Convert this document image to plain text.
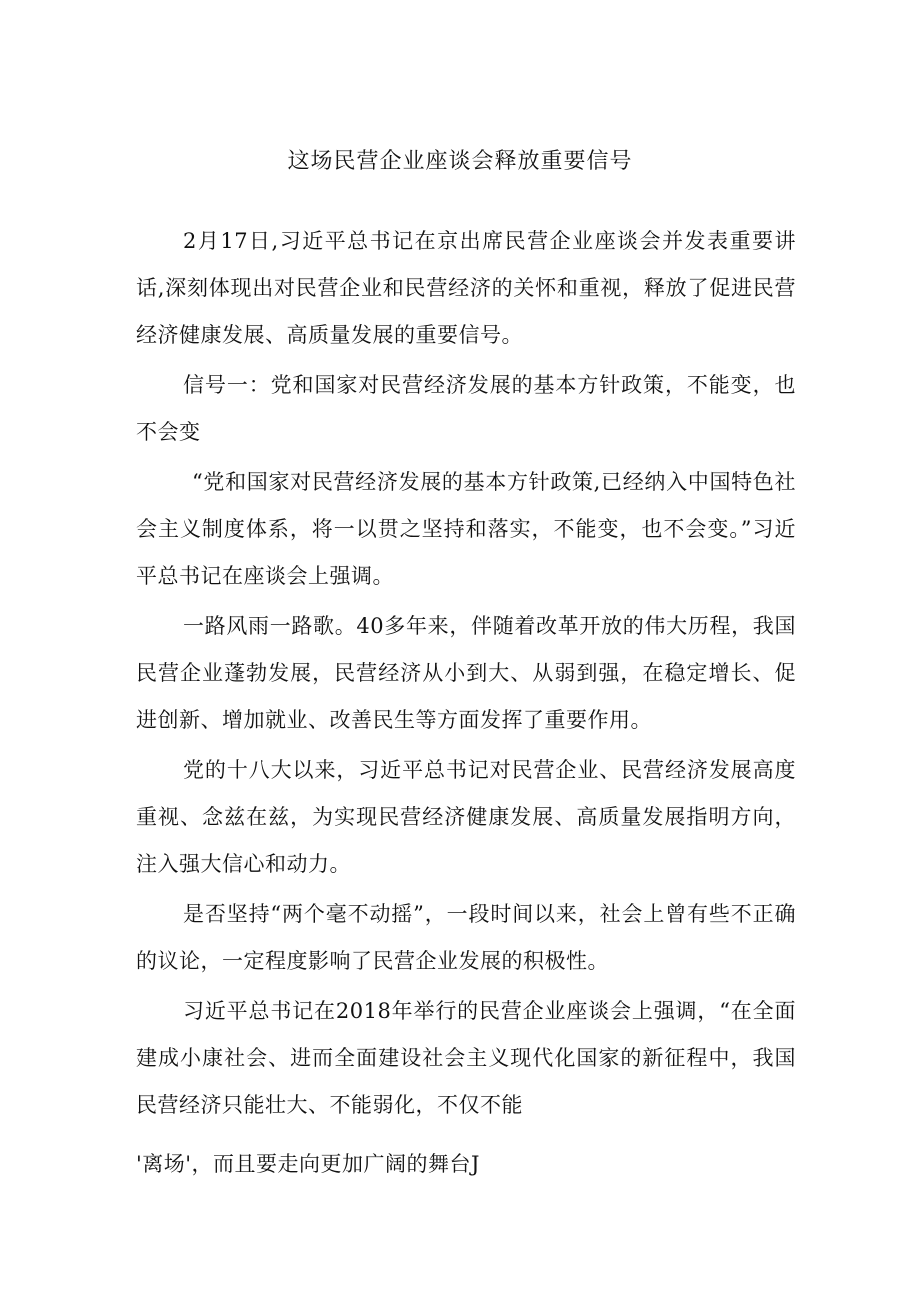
这场民营企业座谈会释放重要信号

2月17日,习近平总书记在京出席民营企业座谈会并发表重要讲话,深刻体现出对民营企业和民营经济的关怀和重视，释放了促进民营经济健康发展、高质量发展的重要信号。

信号一：党和国家对民营经济发展的基本方针政策，不能变，也不会变

“党和国家对民营经济发展的基本方针政策,已经纳入中国特色社会主义制度体系，将一以贯之坚持和落实，不能变，也不会变。”习近平总书记在座谈会上强调。

一路风雨一路歌。40多年来，伴随着改革开放的伟大历程，我国民营企业蓬勃发展，民营经济从小到大、从弱到强，在稳定增长、促进创新、增加就业、改善民生等方面发挥了重要作用。

党的十八大以来，习近平总书记对民营企业、民营经济发展高度重视、念兹在兹，为实现民营经济健康发展、高质量发展指明方向，注入强大信心和动力。

是否坚持“两个毫不动摇”，一段时间以来，社会上曾有些不正确的议论，一定程度影响了民营企业发展的积极性。

习近平总书记在2018年举行的民营企业座谈会上强调，“在全面建成小康社会、进而全面建设社会主义现代化国家的新征程中，我国民营经济只能壮大、不能弱化，不仅不能

'离场'，而且要走向更加广阔的舞台J
